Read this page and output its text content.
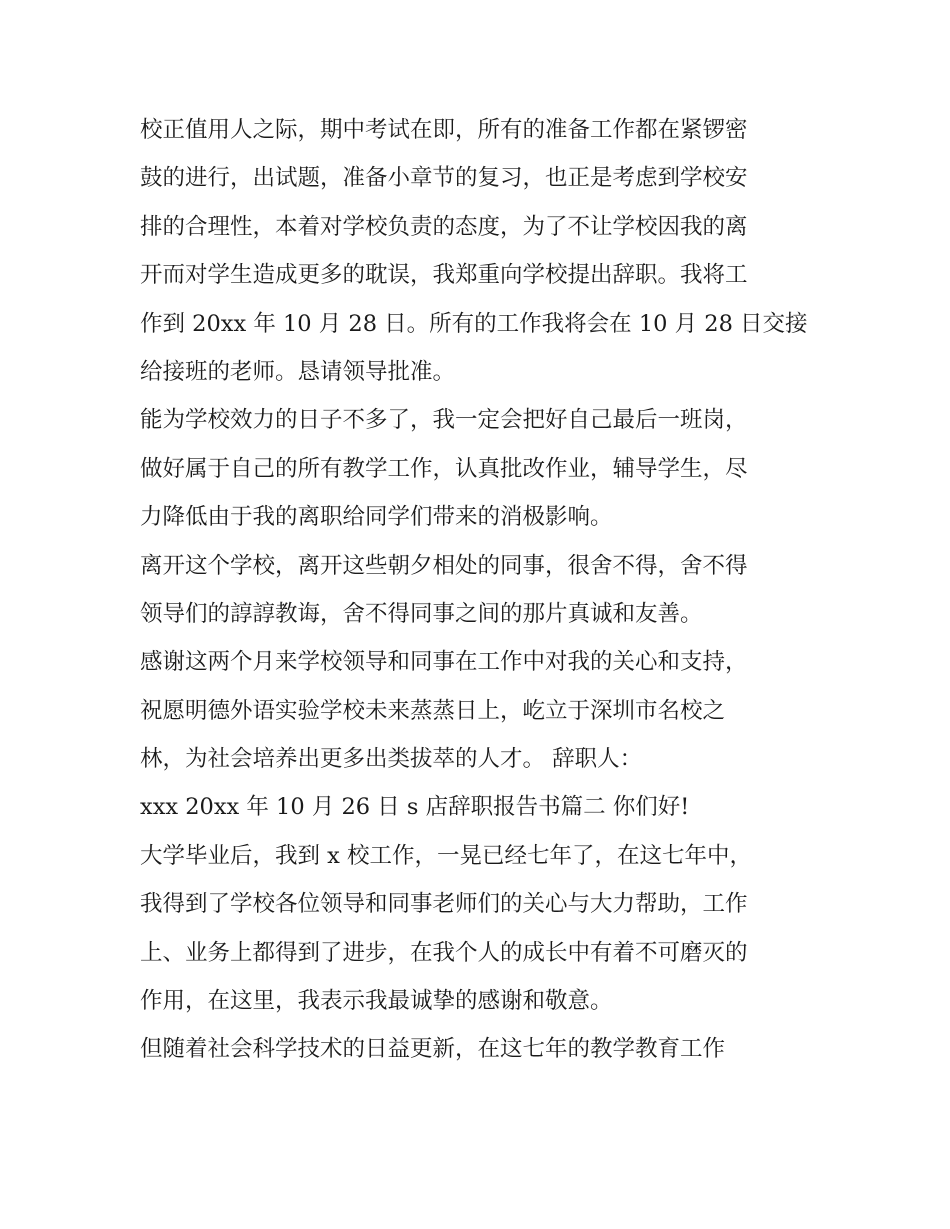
校正值用人之际，期中考试在即，所有的准备工作都在紧锣密
鼓的进行，出试题，准备小章节的复习，也正是考虑到学校安
排的合理性，本着对学校负责的态度，为了不让学校因我的离
开而对学生造成更多的耽误，我郑重向学校提出辞职。我将工
作到 20xx 年 10 月 28 日。所有的工作我将会在 10 月 28 日交接
给接班的老师。恳请领导批准。
能为学校效力的日子不多了，我一定会把好自己最后一班岗，
做好属于自己的所有教学工作，认真批改作业，辅导学生，尽
力降低由于我的离职给同学们带来的消极影响。
离开这个学校，离开这些朝夕相处的同事，很舍不得，舍不得
领导们的諄諄教诲，舍不得同事之间的那片真诚和友善。
感谢这两个月来学校领导和同事在工作中对我的关心和支持，
祝愿明德外语实验学校未来蒸蒸日上，屹立于深圳市名校之
林，为社会培养出更多出类拔萃的人才。 辞职人：
xxx 20xx 年 10 月 26 日 s 店辞职报告书篇二 你们好!
大学毕业后，我到 x 校工作，一晃已经七年了，在这七年中，
我得到了学校各位领导和同事老师们的关心与大力帮助，工作
上、业务上都得到了进步，在我个人的成长中有着不可磨灭的
作用，在这里，我表示我最诚挚的感谢和敬意。
但随着社会科学技术的日益更新，在这七年的教学教育工作
